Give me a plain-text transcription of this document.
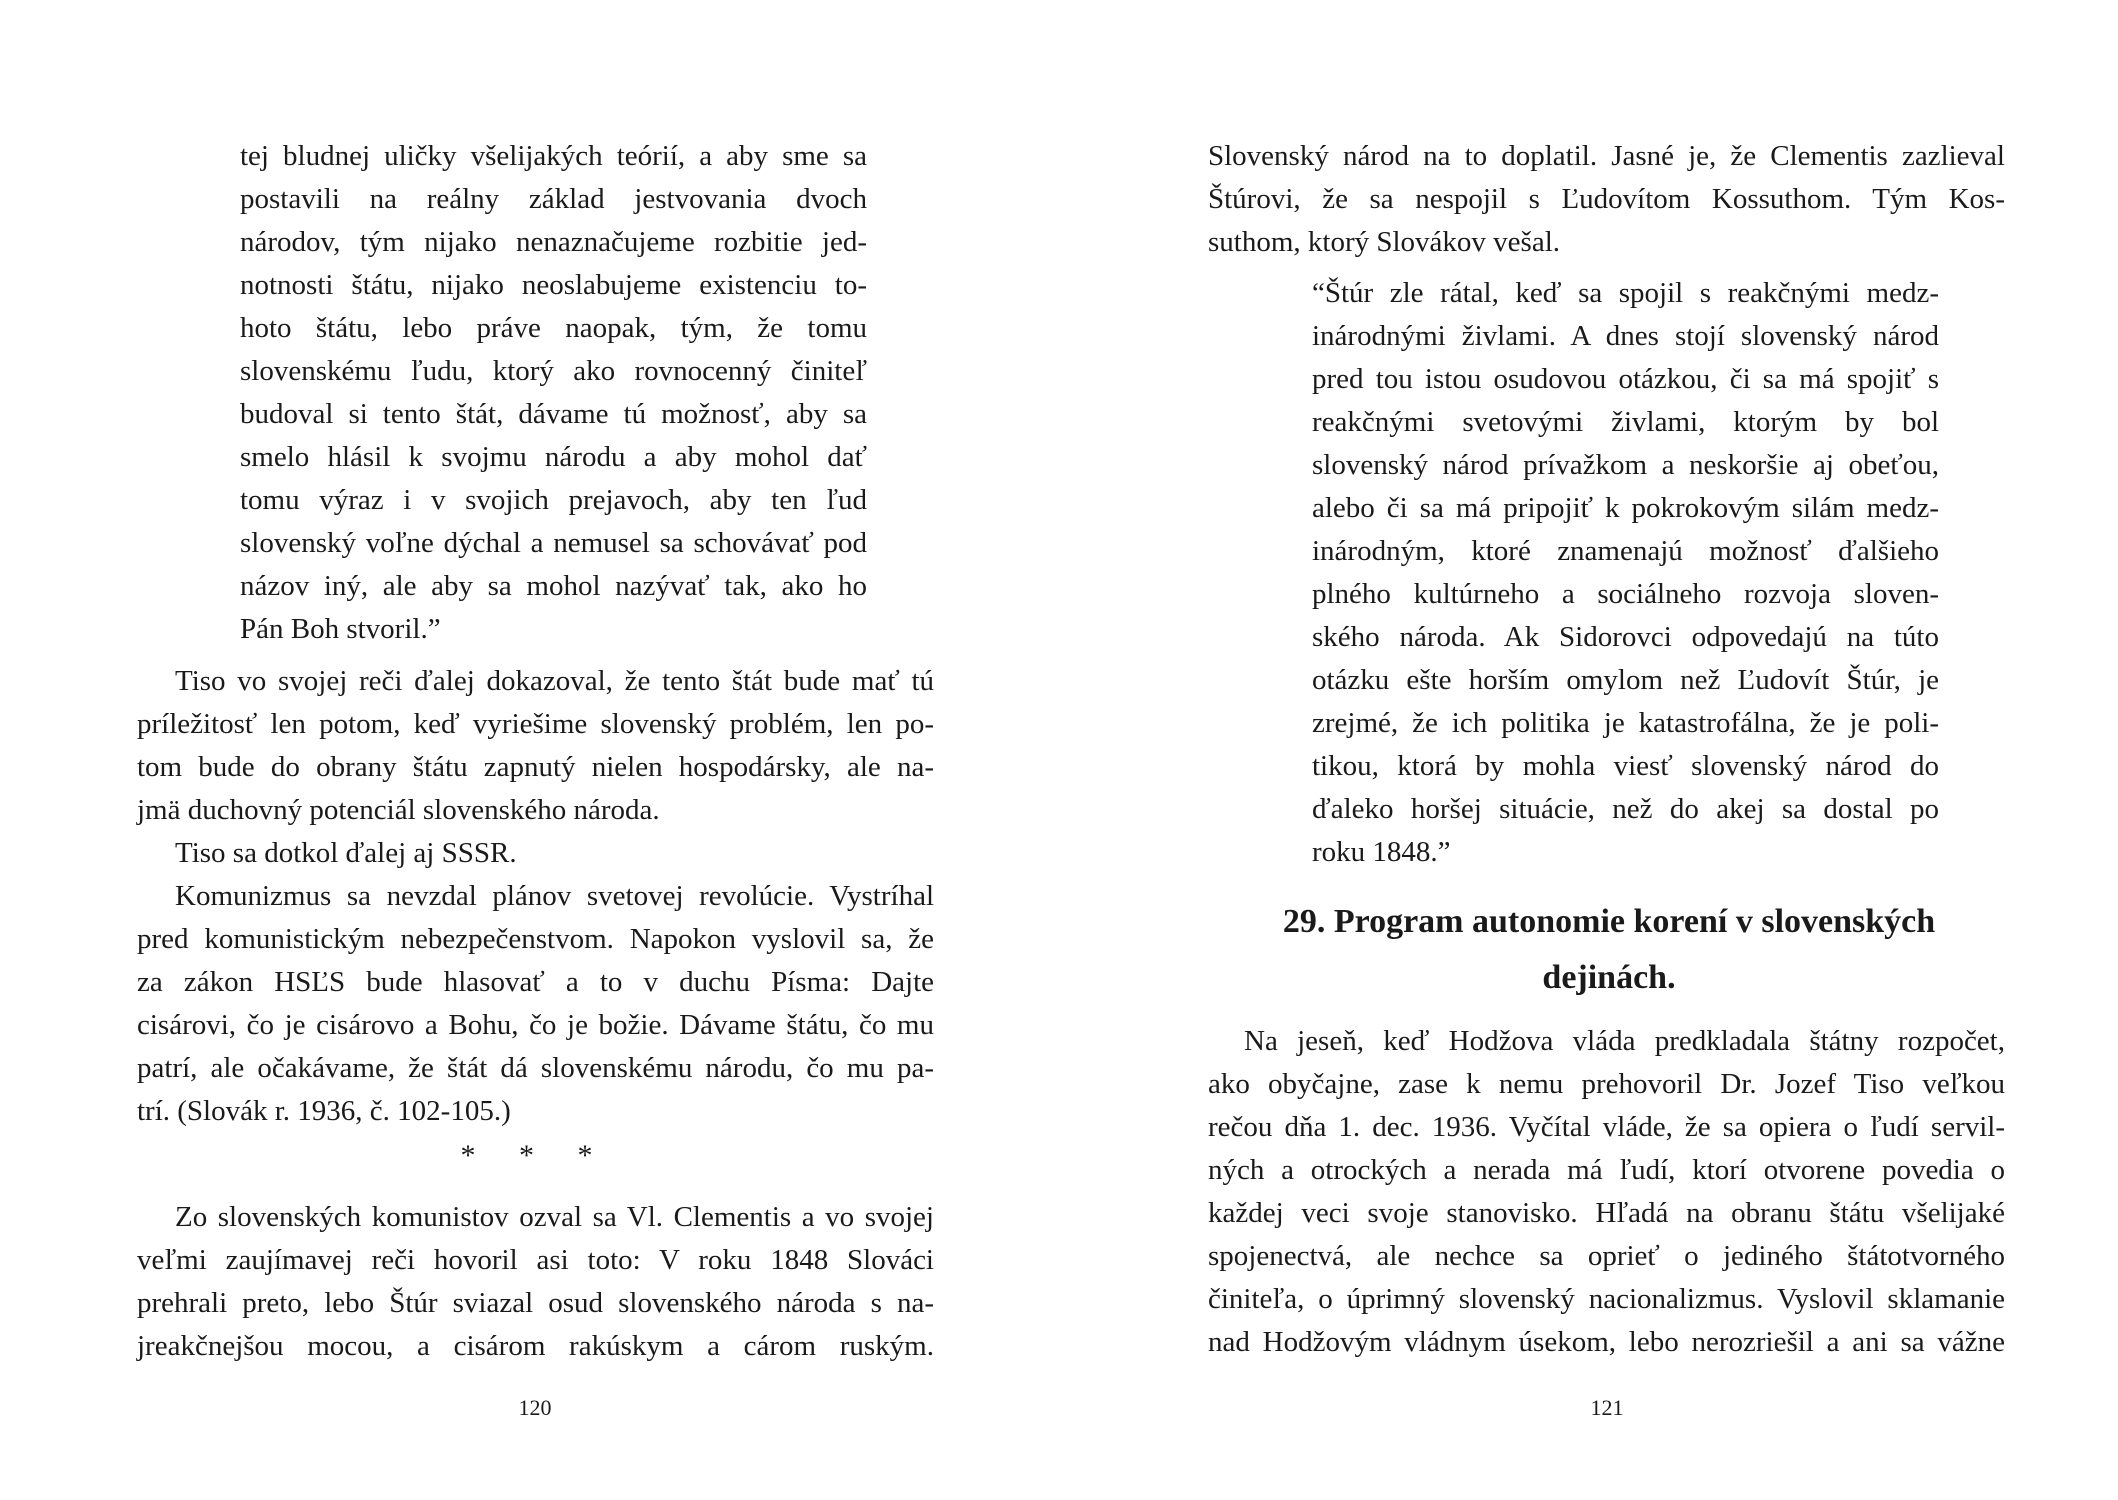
tej bludnej uličky všelijakých teórií, a aby sme sa
postavili na reálny základ jestvovania dvoch
národov, tým nijako nenaznačujeme rozbitie jed-
notnosti štátu, nijako neoslabujeme existenciu to-
hoto štátu, lebo práve naopak, tým, že tomu
slovenskému ľudu, ktorý ako rovnocenný činiteľ
budoval si tento štát, dávame tú možnosť, aby sa
smelo hlásil k svojmu národu a aby mohol dať
tomu výraz i v svojich prejavoch, aby ten ľud
slovenský voľne dýchal a nemusel sa schovávať pod
názov iný, ale aby sa mohol nazývať tak, ako ho
Pán Boh stvoril.”
Tiso vo svojej reči ďalej dokazoval, že tento štát bude mať tú
príležitosť len potom, keď vyriešime slovenský problém, len po-
tom bude do obrany štátu zapnutý nielen hospodársky, ale na-
jmä duchovný potenciál slovenského národa.
Tiso sa dotkol ďalej aj SSSR.
Komunizmus sa nevzdal plánov svetovej revolúcie. Vystríhal
pred komunistickým nebezpečenstvom. Napokon vyslovil sa, že
za zákon HSĽS bude hlasovať a to v duchu Písma: Dajte
cisárovi, čo je cisárovo a Bohu, čo je božie. Dávame štátu, čo mu
patrí, ale očakávame, že štát dá slovenskému národu, čo mu pa-
trí. (Slovák r. 1936, č. 102-105.)
* * *
Zo slovenských komunistov ozval sa Vl. Clementis a vo svojej
veľmi zaujímavej reči hovoril asi toto: V roku 1848 Slováci
prehrali preto, lebo Štúr sviazal osud slovenského národa s na-
jreakčnejšou mocou, a cisárom rakúskym a cárom ruským.
120
Slovenský národ na to doplatil. Jasné je, že Clementis zazlieval
Štúrovi, že sa nespojil s Ľudovítom Kossuthom. Tým Kos-
suthom, ktorý Slovákov vešal.
“Štúr zle rátal, keď sa spojil s reakčnými medz-
inárodnými živlami. A dnes stojí slovenský národ
pred tou istou osudovou otázkou, či sa má spojiť s
reakčnými svetovými živlami, ktorým by bol
slovenský národ prívažkom a neskoršie aj obeťou,
alebo či sa má pripojiť k pokrokovým silám medz-
inárodným, ktoré znamenajú možnosť ďalšieho
plného kultúrneho a sociálneho rozvoja sloven-
ského národa. Ak Sidorovci odpovedajú na túto
otázku ešte horším omylom než Ľudovít Štúr, je
zrejmé, že ich politika je katastrofálna, že je poli-
tikou, ktorá by mohla viesť slovenský národ do
ďaleko horšej situácie, než do akej sa dostal po
roku 1848.”
29. Program autonomie korení v slovenských
dejinách.
Na jeseň, keď Hodžova vláda predkladala štátny rozpočet,
ako obyčajne, zase k nemu prehovoril Dr. Jozef Tiso veľkou
rečou dňa 1. dec. 1936. Vyčítal vláde, že sa opiera o ľudí servil-
ných a otrockých a nerada má ľudí, ktorí otvorene povedia o
každej veci svoje stanovisko. Hľadá na obranu štátu všelijaké
spojenectvá, ale nechce sa oprieť o jediného štátotvorného
činiteľa, o úprimný slovenský nacionalizmus. Vyslovil sklamanie
nad Hodžovým vládnym úsekom, lebo nerozriešil a ani sa vážne
121
